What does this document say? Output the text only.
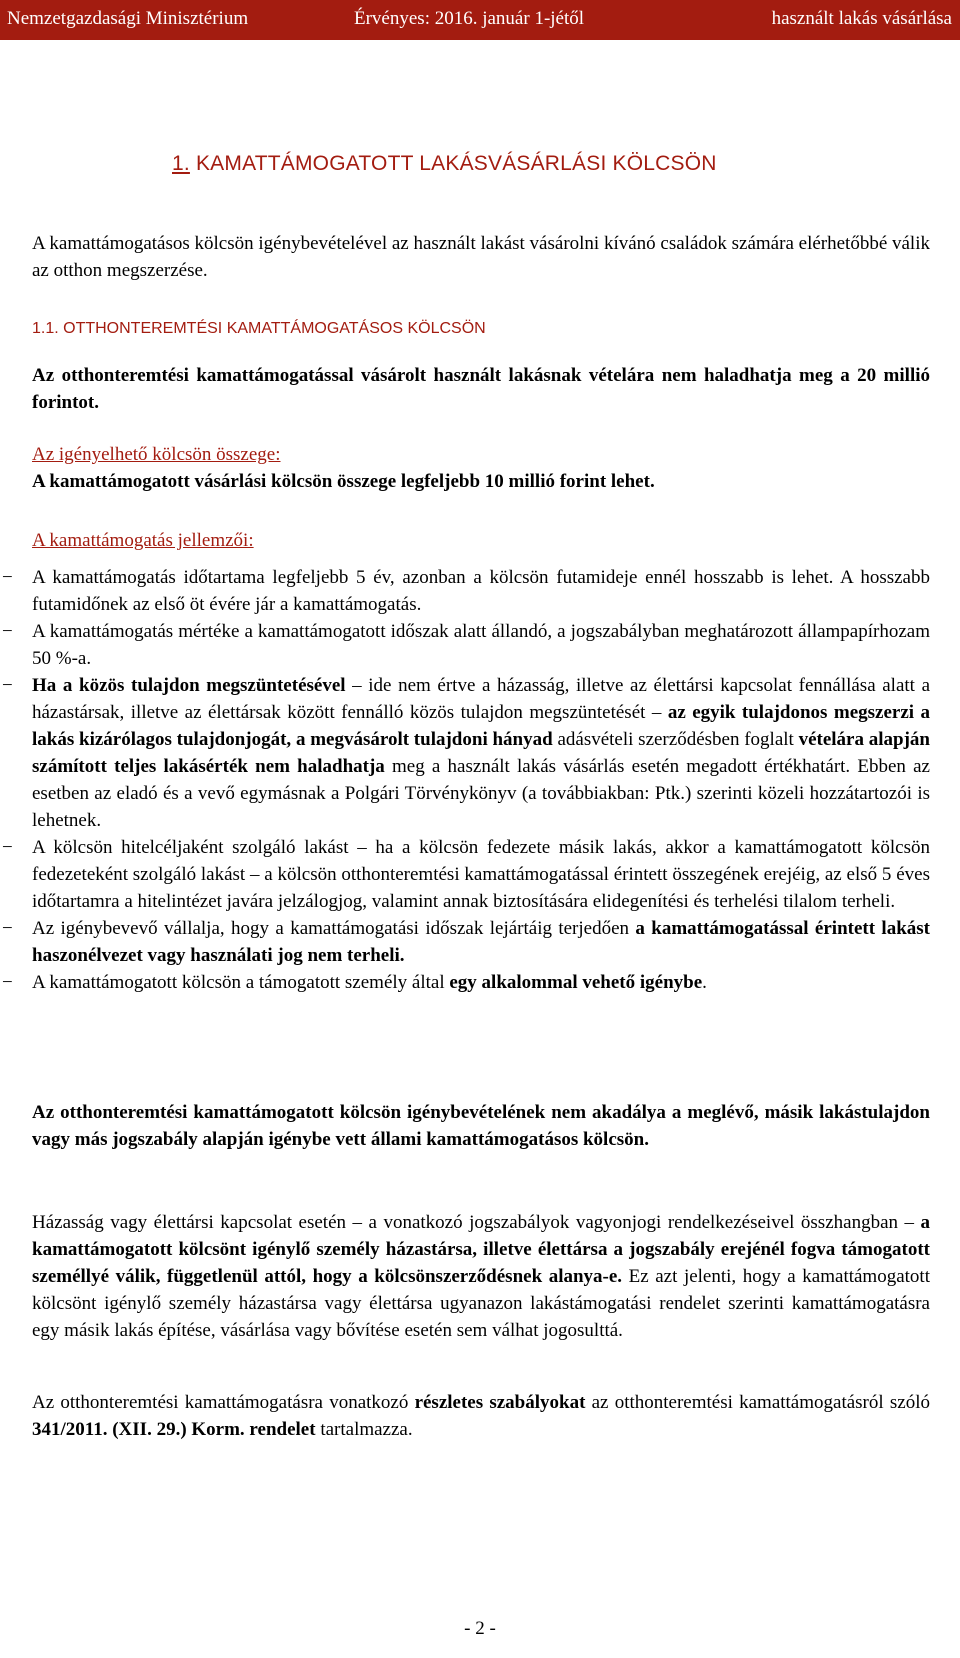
Nemzetgazdasági Minisztérium	Érvényes: 2016. január 1-jétől	használt lakás vásárlása
1. KAMATTÁMOGATOTT LAKÁSVÁSÁRLÁSI KÖLCSÖN
A kamattámogatásos kölcsön igénybevételével az használt lakást vásárolni kívánó családok számára elérhetőbbé válik az otthon megszerzése.
1.1. OTTHONTEREMTÉSI KAMATTÁMOGATÁSOS KÖLCSÖN
Az otthonteremtési kamattámogatással vásárolt használt lakásnak vételára nem haladhatja meg a 20 millió forintot.
Az igényelhető kölcsön összege:
A kamattámogatott vásárlási kölcsön összege legfeljebb 10 millió forint lehet.
A kamattámogatás jellemzői:
− A kamattámogatás időtartama legfeljebb 5 év, azonban a kölcsön futamideje ennél hosszabb is lehet. A hosszabb futamidőnek az első öt évére jár a kamattámogatás.
− A kamattámogatás mértéke a kamattámogatott időszak alatt állandó, a jogszabályban meghatározott állampapírhozam 50 %-a.
− Ha a közös tulajdon megszüntetésével – ide nem értve a házasság, illetve az élettársi kapcsolat fennállása alatt a házastársak, illetve az élettársak között fennálló közös tulajdon megszüntetését – az egyik tulajdonos megszerzi a lakás kizárólagos tulajdonjogát, a megvásárolt tulajdoni hányad adásvételi szerződésben foglalt vételára alapján számított teljes lakásérték nem haladhatja meg a használt lakás vásárlás esetén megadott értékhatárt. Ebben az esetben az eladó és a vevő egymásnak a Polgári Törvénykönyv (a továbbiakban: Ptk.) szerinti közeli hozzátartozói is lehetnek.
− A kölcsön hitelcéljaként szolgáló lakást – ha a kölcsön fedezete másik lakás, akkor a kamattámogatott kölcsön fedezeteként szolgáló lakást – a kölcsön otthonteremtési kamattámogatással érintett összegének erejéig, az első 5 éves időtartamra a hitelintézet javára jelzálogjog, valamint annak biztosítására elidegenítési és terhelési tilalom terheli.
− Az igénybevevő vállalja, hogy a kamattámogatási időszak lejártáig terjedően a kamattámogatással érintett lakást haszonélvezet vagy használati jog nem terheli.
− A kamattámogatott kölcsön a támogatott személy által egy alkalommal vehető igénybe.
Az otthonteremtési kamattámogatott kölcsön igénybevételének nem akadálya a meglévő, másik lakástulajdon vagy más jogszabály alapján igénybe vett állami kamattámogatásos kölcsön.
Házasság vagy élettársi kapcsolat esetén – a vonatkozó jogszabályok vagyonjogi rendelkezéseivel összhangban – a kamattámogatott kölcsönt igénylő személy házastársa, illetve élettársa a jogszabály erejénél fogva támogatott személlyé válik, függetlenül attól, hogy a kölcsönszerződésnek alanya-e. Ez azt jelenti, hogy a kamattámogatott kölcsönt igénylő személy házastársa vagy élettársa ugyanazon lakástámogatási rendelet szerinti kamattámogatásra egy másik lakás építése, vásárlása vagy bővítése esetén sem válhat jogosulttá.
Az otthonteremtési kamattámogatásra vonatkozó részletes szabályokat az otthonteremtési kamattámogatásról szóló 341/2011. (XII. 29.) Korm. rendelet tartalmazza.
- 2 -
